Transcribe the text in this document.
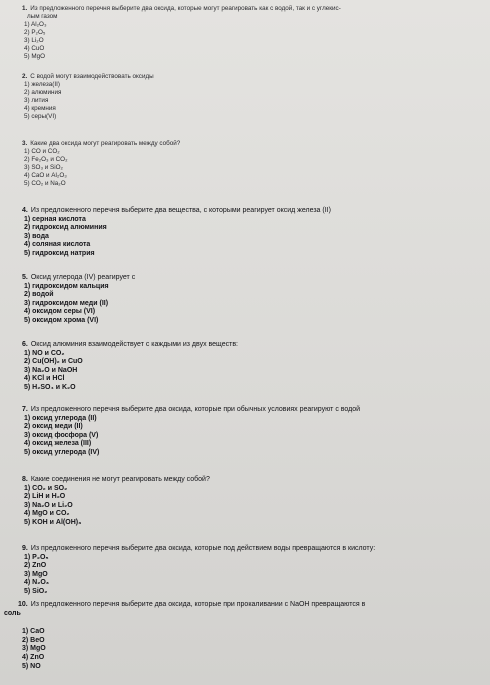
1. Из предложенного перечня выберите два оксида, которые могут реагировать как с водой, так и с углекис-
лым газом
1) Al₂O₃
2) P₂O₅
3) Li₂O
4) CuO
5) MgO
2. С водой могут взаимодействовать оксиды
1) железа(II)
2) алюминия
3) лития
4) кремния
5) серы(VI)
3. Какие два оксида могут реагировать между собой?
1) CO и CO₂
2) Fe₂O₃ и CO₂
3) SO₃ и SiO₂
4) CaO и Al₂O₃
5) CO₂ и Na₂O
4. Из предложенного перечня выберите два вещества, с которыми реагирует оксид железа (II)
1) серная кислота
2) гидроксид алюминия
3) вода
4) соляная кислота
5) гидроксид натрия
5. Оксид углерода (IV) реагирует с
1) гидроксидом кальция
2) водой
3) гидроксидом меди (II)
4) оксидом серы (VI)
5) оксидом хрома (VI)
6. Оксид алюминия взаимодействует с каждыми из двух веществ:
1) NO и CO₂
2) Cu(OH)₂ и CuO
3) Na₂O и NaOH
4) KCl и HCl
5) H₂SO₄ и K₂O
7. Из предложенного перечня выберите два оксида, которые при обычных условиях реагируют с водой
1) оксид углерода (II)
2) оксид меди (II)
3) оксид фосфора (V)
4) оксид железа (III)
5) оксид углерода (IV)
8. Какие соединения не могут реагировать между собой?
1) CO₂ и SO₂
2) LiH и H₂O
3) Na₂O и Li₂O
4) MgO и CO₂
5) KOH и Al(OH)₃
9. Из предложенного перечня выберите два оксида, которые под действием воды превращаются в кислоту:
1) P₂O₅
2) ZnO
3) MgO
4) N₂O₃
5) SiO₂
10. Из предложенного перечня выберите два оксида, которые при прокаливании с NaOH превращаются в
соль
1) CaO
2) BeO
3) MgO
4) ZnO
5) NO
